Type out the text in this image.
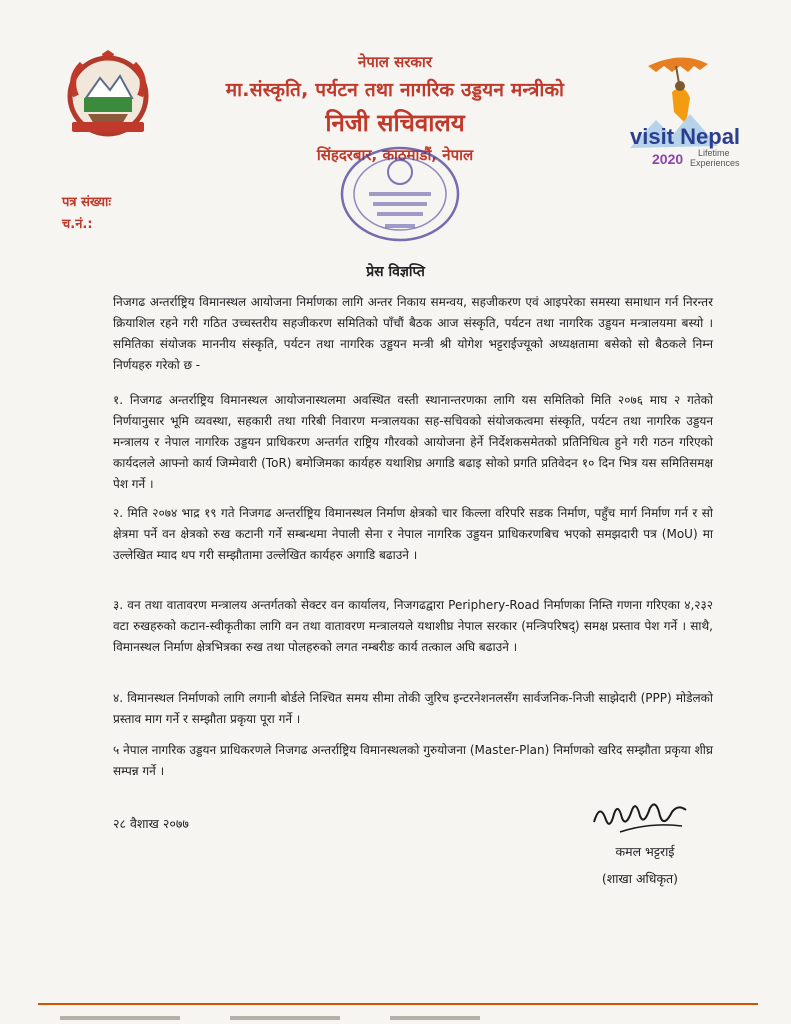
नेपाल सरकार
मा.संस्कृति, पर्यटन तथा नागरिक उड्डयन मन्त्रीको
निजी सचिवालय
सिंहदरबार, काठमाडौं, नेपाल
visit Nepal
2020 Lifetime
Experiences
पत्र संख्याः
च.नं.:
प्रेस विज्ञप्ति

निजगढ अन्तर्राष्ट्रिय विमानस्थल आयोजना निर्माणका लागि अन्तर निकाय समन्वय, सहजीकरण एवं आइपरेका समस्या समाधान गर्न निरन्तर क्रियाशिल रहने गरी गठित उच्चस्तरीय सहजीकरण समितिको पाँचौं बैठक आज संस्कृति, पर्यटन तथा नागरिक उड्डयन मन्त्रालयमा बस्यो । समितिका संयोजक माननीय संस्कृति, पर्यटन तथा नागरिक उड्डयन मन्त्री श्री योगेश भट्टराईज्यूको अध्यक्षतामा बसेको सो बैठकले निम्न निर्णयहरु गरेको छ -

१. निजगढ अन्तर्राष्ट्रिय विमानस्थल आयोजनास्थलमा अवस्थित वस्ती स्थानान्तरणका लागि यस समितिको मिति २०७६ माघ २ गतेको निर्णयानुसार भूमि व्यवस्था, सहकारी तथा गरिबी निवारण मन्त्रालयका सह-सचिवको संयोजकत्वमा संस्कृति, पर्यटन तथा नागरिक उड्डयन मन्त्रालय र नेपाल नागरिक उड्डयन प्राधिकरण अन्तर्गत राष्ट्रिय गौरवको आयोजना हेर्ने निर्देशकसमेतको प्रतिनिधित्व हुने गरी गठन गरिएको कार्यदलले आफ्नो कार्य जिम्मेवारी (ToR) बमोजिमका कार्यहरु यथाशिघ्र अगाडि बढाइ सोको प्रगति प्रतिवेदन १० दिन भित्र यस समितिसमक्ष पेश गर्ने ।

२. मिति २०७४ भाद्र १९ गते निजगढ अन्तर्राष्ट्रिय विमानस्थल निर्माण क्षेत्रको चार किल्ला वरिपरि सडक निर्माण, पहुँच मार्ग निर्माण गर्न र सो क्षेत्रमा पर्ने वन क्षेत्रको रुख कटानी गर्ने सम्बन्धमा नेपाली सेना र नेपाल नागरिक उड्डयन प्राधिकरणबिच भएको समझदारी पत्र (MoU) मा उल्लेखित म्याद थप गरी सम्झौतामा उल्लेखित कार्यहरु अगाडि बढाउने ।

३. वन तथा वातावरण मन्त्रालय अन्तर्गतको सेक्टर वन कार्यालय, निजगढद्वारा Periphery-Road निर्माणका निम्ति गणना गरिएका ४,२३२ वटा रुखहरुको कटान-स्वीकृतीका लागि वन तथा वातावरण मन्त्रालयले यथाशीघ्र नेपाल सरकार (मन्त्रिपरिषद्) समक्ष प्रस्ताव पेश गर्ने । साथै, विमानस्थल निर्माण क्षेत्रभित्रका रुख तथा पोलहरुको लगत नम्बरीङ कार्य तत्काल अघि बढाउने ।

४. विमानस्थल निर्माणको लागि लगानी बोर्डले निश्चित समय सीमा तोकी जुरिच इन्टरनेशनलसँग सार्वजनिक-निजी साझेदारी (PPP) मोडेलको प्रस्ताव माग गर्ने र सम्झौता प्रकृया पूरा गर्ने ।

५ नेपाल नागरिक उड्डयन प्राधिकरणले निजगढ अन्तर्राष्ट्रिय विमानस्थलको गुरुयोजना (Master-Plan) निर्माणको खरिद सम्झौता प्रकृया शीघ्र सम्पन्न गर्ने ।

२८ वैशाख २०७७
कमल भट्टराई
(शाखा अधिकृत)
